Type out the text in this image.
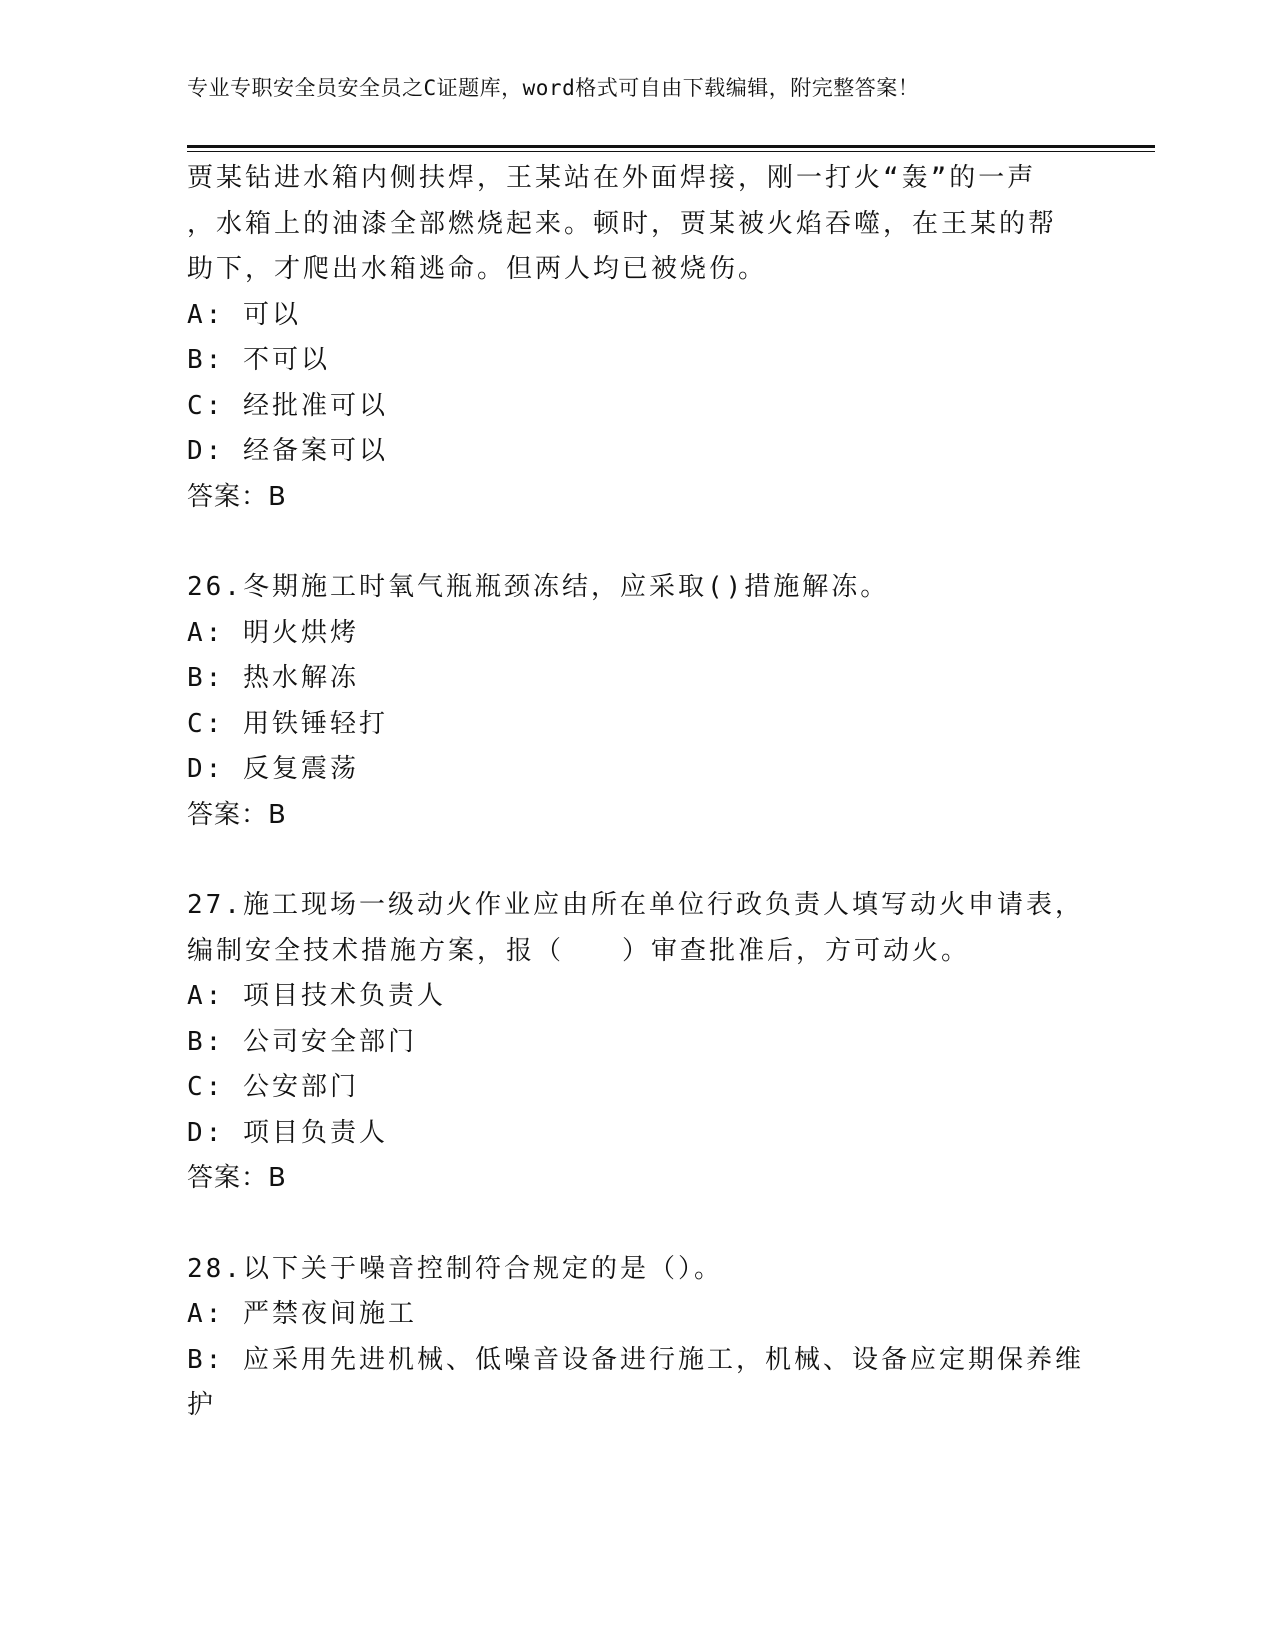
专业专职安全员安全员之C证题库，word格式可自由下载编辑，附完整答案！
贾某钻进水箱内侧扶焊，王某站在外面焊接，刚一打火“轰”的一声
，水箱上的油漆全部燃烧起来。顿时，贾某被火焰吞噬，在王某的帮
助下，才爬出水箱逃命。但两人均已被烧伤。
A: 可以
B: 不可以
C: 经批准可以
D: 经备案可以
答案：B
26.冬期施工时氧气瓶瓶颈冻结，应采取()措施解冻。
A: 明火烘烤
B: 热水解冻
C: 用铁锤轻打
D: 反复震荡
答案：B
27.施工现场一级动火作业应由所在单位行政负责人填写动火申请表，
编制安全技术措施方案，报（　　）审查批准后，方可动火。
A: 项目技术负责人
B: 公司安全部门
C: 公安部门
D: 项目负责人
答案：B
28.以下关于噪音控制符合规定的是（）。
A: 严禁夜间施工
B: 应采用先进机械、低噪音设备进行施工，机械、设备应定期保养维
护
